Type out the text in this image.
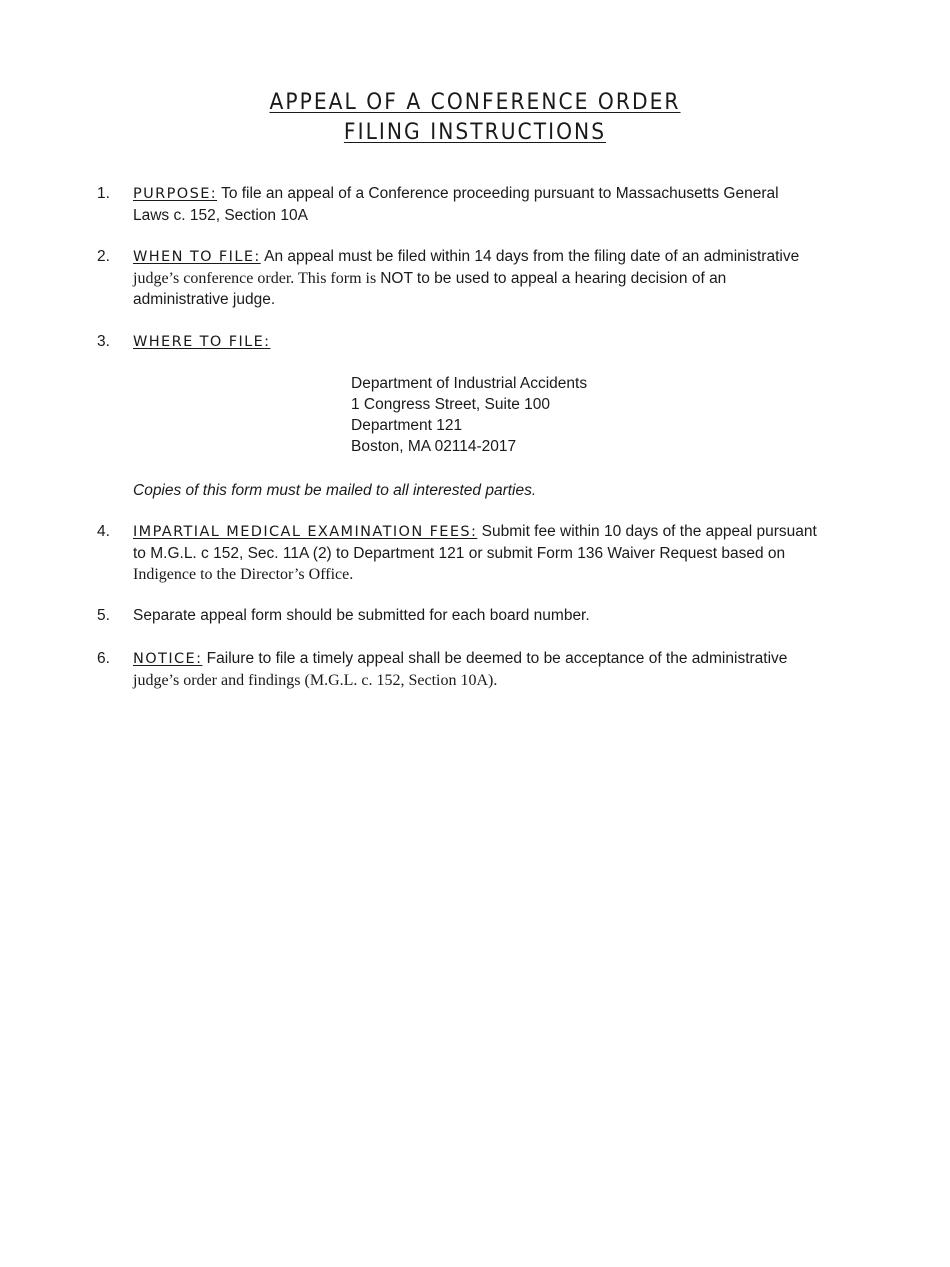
APPEAL OF A CONFERENCE ORDER
FILING INSTRUCTIONS
1. PURPOSE: To file an appeal of a Conference proceeding pursuant to Massachusetts General
Laws c. 152, Section 10A
2. WHEN TO FILE: An appeal must be filed within 14 days from the filing date of an administrative
judge’s conference order. This form is NOT to be used to appeal a hearing decision of an
administrative judge.
3. WHERE TO FILE:
Department of Industrial Accidents
1 Congress Street, Suite 100
Department 121
Boston, MA 02114-2017
Copies of this form must be mailed to all interested parties.
4. IMPARTIAL MEDICAL EXAMINATION FEES: Submit fee within 10 days of the appeal pursuant
to M.G.L. c 152, Sec. 11A (2) to Department 121 or submit Form 136 Waiver Request based on
Indigence to the Director’s Office.
5. Separate appeal form should be submitted for each board number.
6. NOTICE: Failure to file a timely appeal shall be deemed to be acceptance of the administrative
judge’s order and findings (M.G.L. c. 152, Section 10A).
